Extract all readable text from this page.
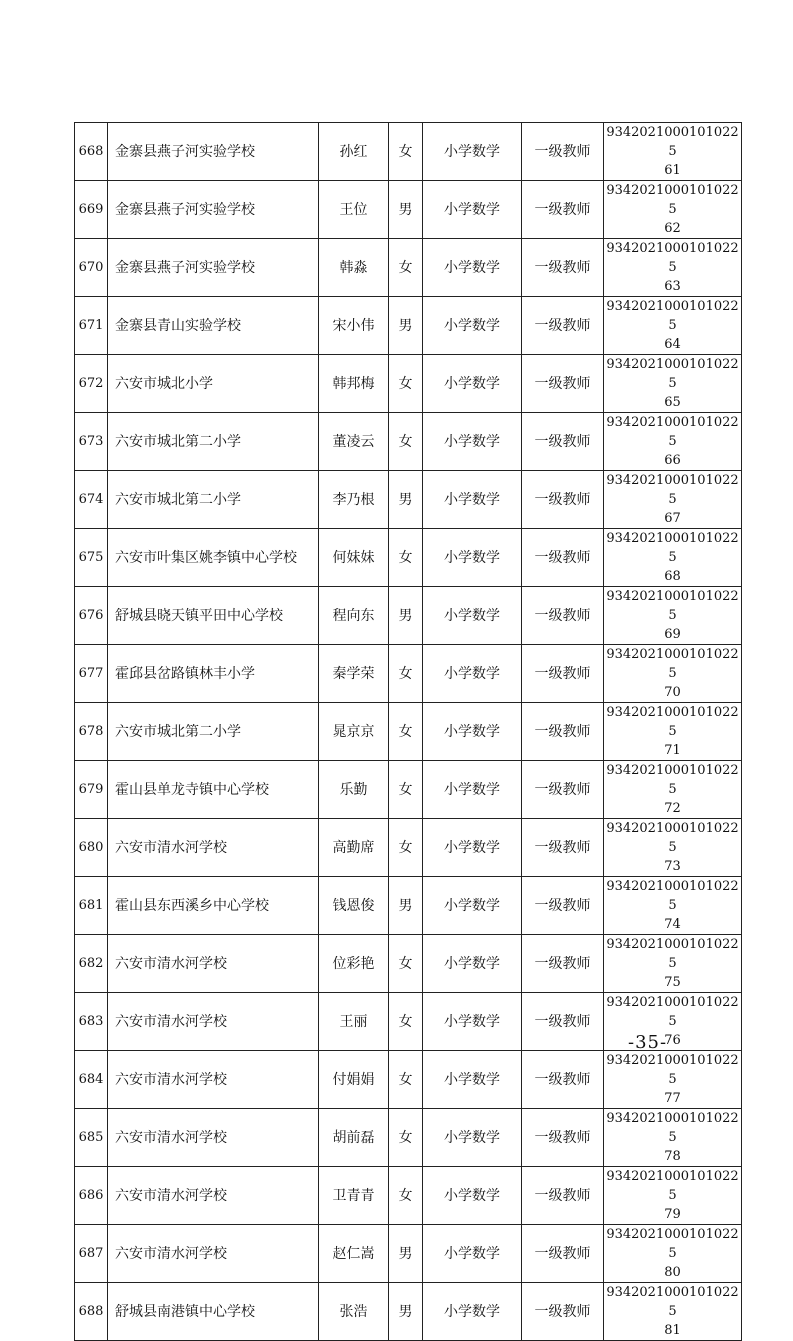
668	金寨县燕子河实验学校	孙红	女	小学数学	一级教师	93420210001010225
61

669	金寨县燕子河实验学校	王位	男	小学数学	一级教师	93420210001010225
62

670	金寨县燕子河实验学校	韩淼	女	小学数学	一级教师	93420210001010225
63

671	金寨县青山实验学校	宋小伟	男	小学数学	一级教师	93420210001010225
64

672	六安市城北小学	韩邦梅	女	小学数学	一级教师	93420210001010225
65

673	六安市城北第二小学	董凌云	女	小学数学	一级教师	93420210001010225
66

674	六安市城北第二小学	李乃根	男	小学数学	一级教师	93420210001010225
67

675	六安市叶集区姚李镇中心学校	何妹妹	女	小学数学	一级教师	93420210001010225
68

676	舒城县晓天镇平田中心学校	程向东	男	小学数学	一级教师	93420210001010225
69

677	霍邱县岔路镇林丰小学	秦学荣	女	小学数学	一级教师	93420210001010225
70

678	六安市城北第二小学	晁京京	女	小学数学	一级教师	93420210001010225
71

679	霍山县单龙寺镇中心学校	乐勤	女	小学数学	一级教师	93420210001010225
72

680	六安市清水河学校	高勤席	女	小学数学	一级教师	93420210001010225
73

681	霍山县东西溪乡中心学校	钱恩俊	男	小学数学	一级教师	93420210001010225
74

682	六安市清水河学校	位彩艳	女	小学数学	一级教师	93420210001010225
75

683	六安市清水河学校	王丽	女	小学数学	一级教师	93420210001010225
76

684	六安市清水河学校	付娟娟	女	小学数学	一级教师	93420210001010225
77

685	六安市清水河学校	胡前磊	女	小学数学	一级教师	93420210001010225
78

686	六安市清水河学校	卫青青	女	小学数学	一级教师	93420210001010225
79

687	六安市清水河学校	赵仁嵩	男	小学数学	一级教师	93420210001010225
80

688	舒城县南港镇中心学校	张浩	男	小学数学	一级教师	93420210001010225
81
-35-
